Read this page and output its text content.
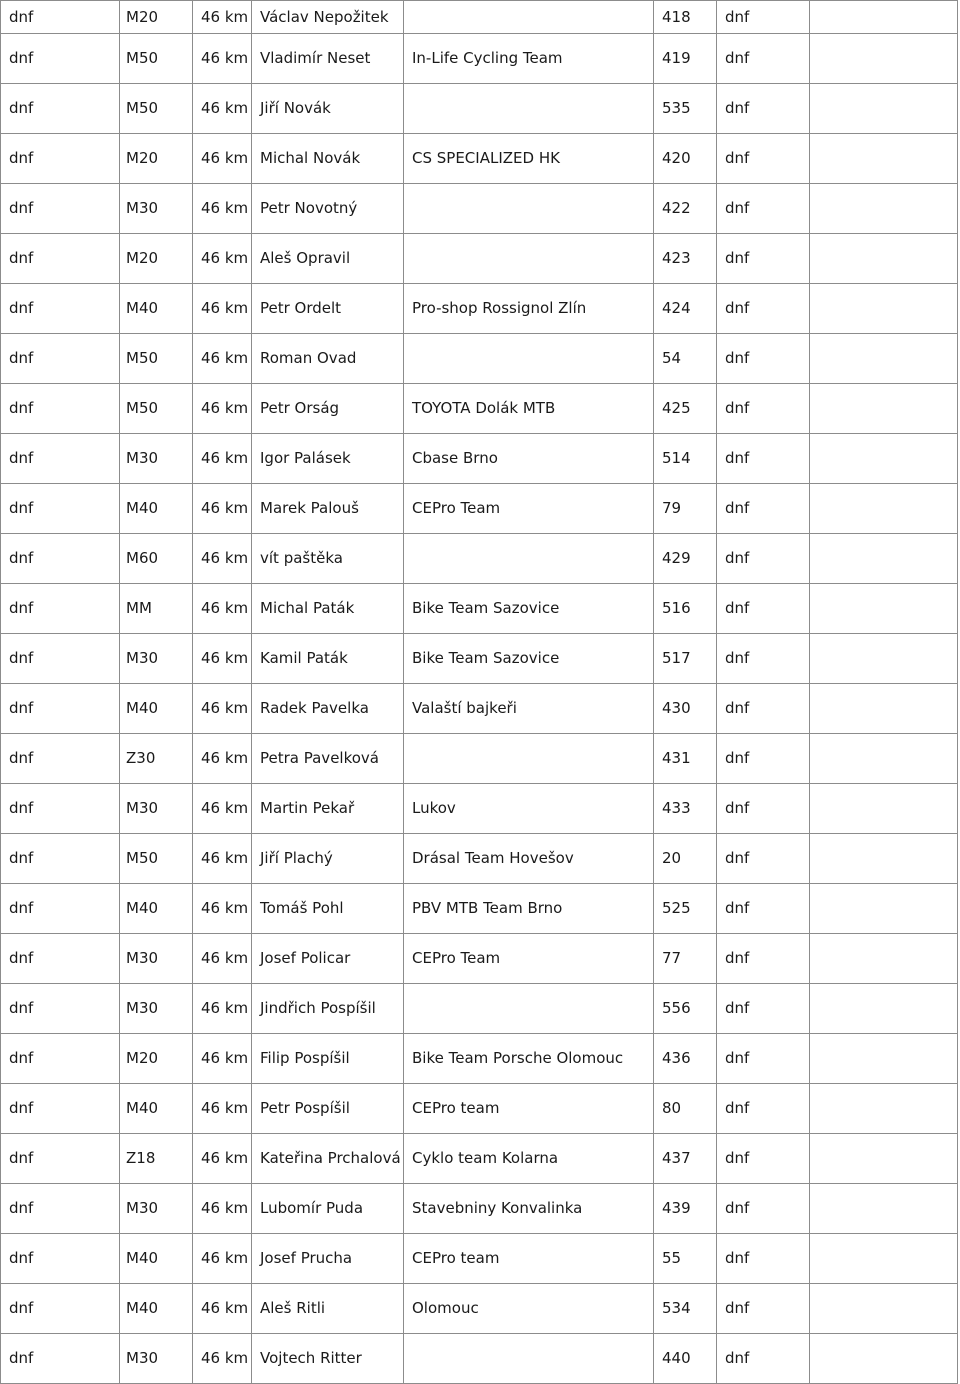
dnf	M20	46 km	Václav Nepožitek		418	dnf	
dnf	M50	46 km	Vladimír Neset	In-Life Cycling Team	419	dnf	
dnf	M50	46 km	Jiří Novák		535	dnf	
dnf	M20	46 km	Michal Novák	CS SPECIALIZED HK	420	dnf	
dnf	M30	46 km	Petr Novotný		422	dnf	
dnf	M20	46 km	Aleš Opravil		423	dnf	
dnf	M40	46 km	Petr Ordelt	Pro-shop Rossignol Zlín	424	dnf	
dnf	M50	46 km	Roman Ovad		54	dnf	
dnf	M50	46 km	Petr Orság	TOYOTA Dolák MTB	425	dnf	
dnf	M30	46 km	Igor Palásek	Cbase Brno	514	dnf	
dnf	M40	46 km	Marek Palouš	CEPro Team	79	dnf	
dnf	M60	46 km	vít paštěka		429	dnf	
dnf	MM	46 km	Michal Paták	Bike Team Sazovice	516	dnf	
dnf	M30	46 km	Kamil Paták	Bike Team Sazovice	517	dnf	
dnf	M40	46 km	Radek Pavelka	Valaští bajkeři	430	dnf	
dnf	Z30	46 km	Petra Pavelková		431	dnf	
dnf	M30	46 km	Martin Pekař	Lukov	433	dnf	
dnf	M50	46 km	Jiří Plachý	Drásal Team Hovešov	20	dnf	
dnf	M40	46 km	Tomáš Pohl	PBV MTB Team Brno	525	dnf	
dnf	M30	46 km	Josef Policar	CEPro Team	77	dnf	
dnf	M30	46 km	Jindřich Pospíšil		556	dnf	
dnf	M20	46 km	Filip Pospíšil	Bike Team Porsche Olomouc	436	dnf	
dnf	M40	46 km	Petr Pospíšil	CEPro team	80	dnf	
dnf	Z18	46 km	Kateřina Prchalová	Cyklo team Kolarna	437	dnf	
dnf	M30	46 km	Lubomír Puda	Stavebniny Konvalinka	439	dnf	
dnf	M40	46 km	Josef Prucha	CEPro team	55	dnf	
dnf	M40	46 km	Aleš Ritli	Olomouc	534	dnf	
dnf	M30	46 km	Vojtech Ritter		440	dnf	
